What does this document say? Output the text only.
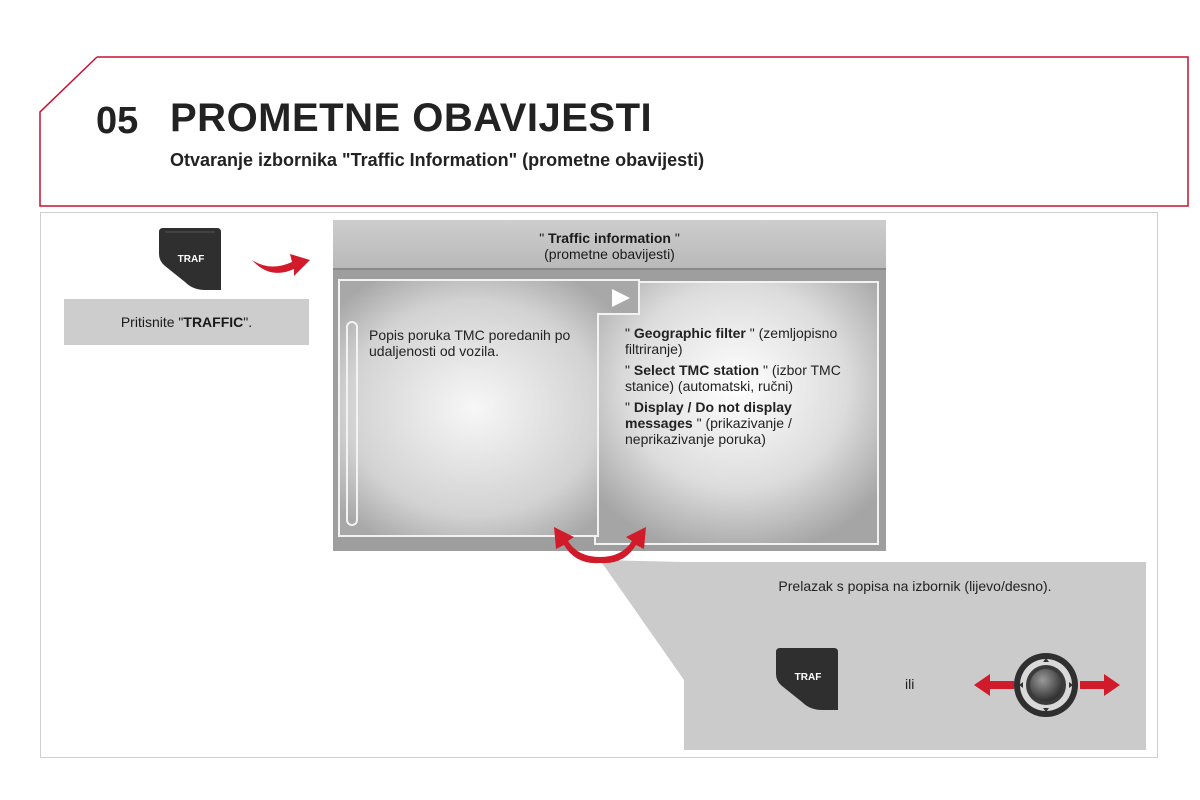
05 PROMETNE OBAVIJESTI
Otvaranje izbornika "Traffic Information" (prometne obavijesti)
TRAF
Pritisnite " TRAFFIC ".
" Traffic information "
(prometne obavijesti)
Popis poruka TMC poredanih po udaljenosti od vozila.
" Geographic filter " (zemljopisno filtriranje)
" Select TMC station " (izbor TMC stanice) (automatski, ručni)
" Display / Do not display messages " (prikazivanje / neprikazivanje poruka)
Prelazak s popisa na izbornik (lijevo/desno).
TRAF	ili
